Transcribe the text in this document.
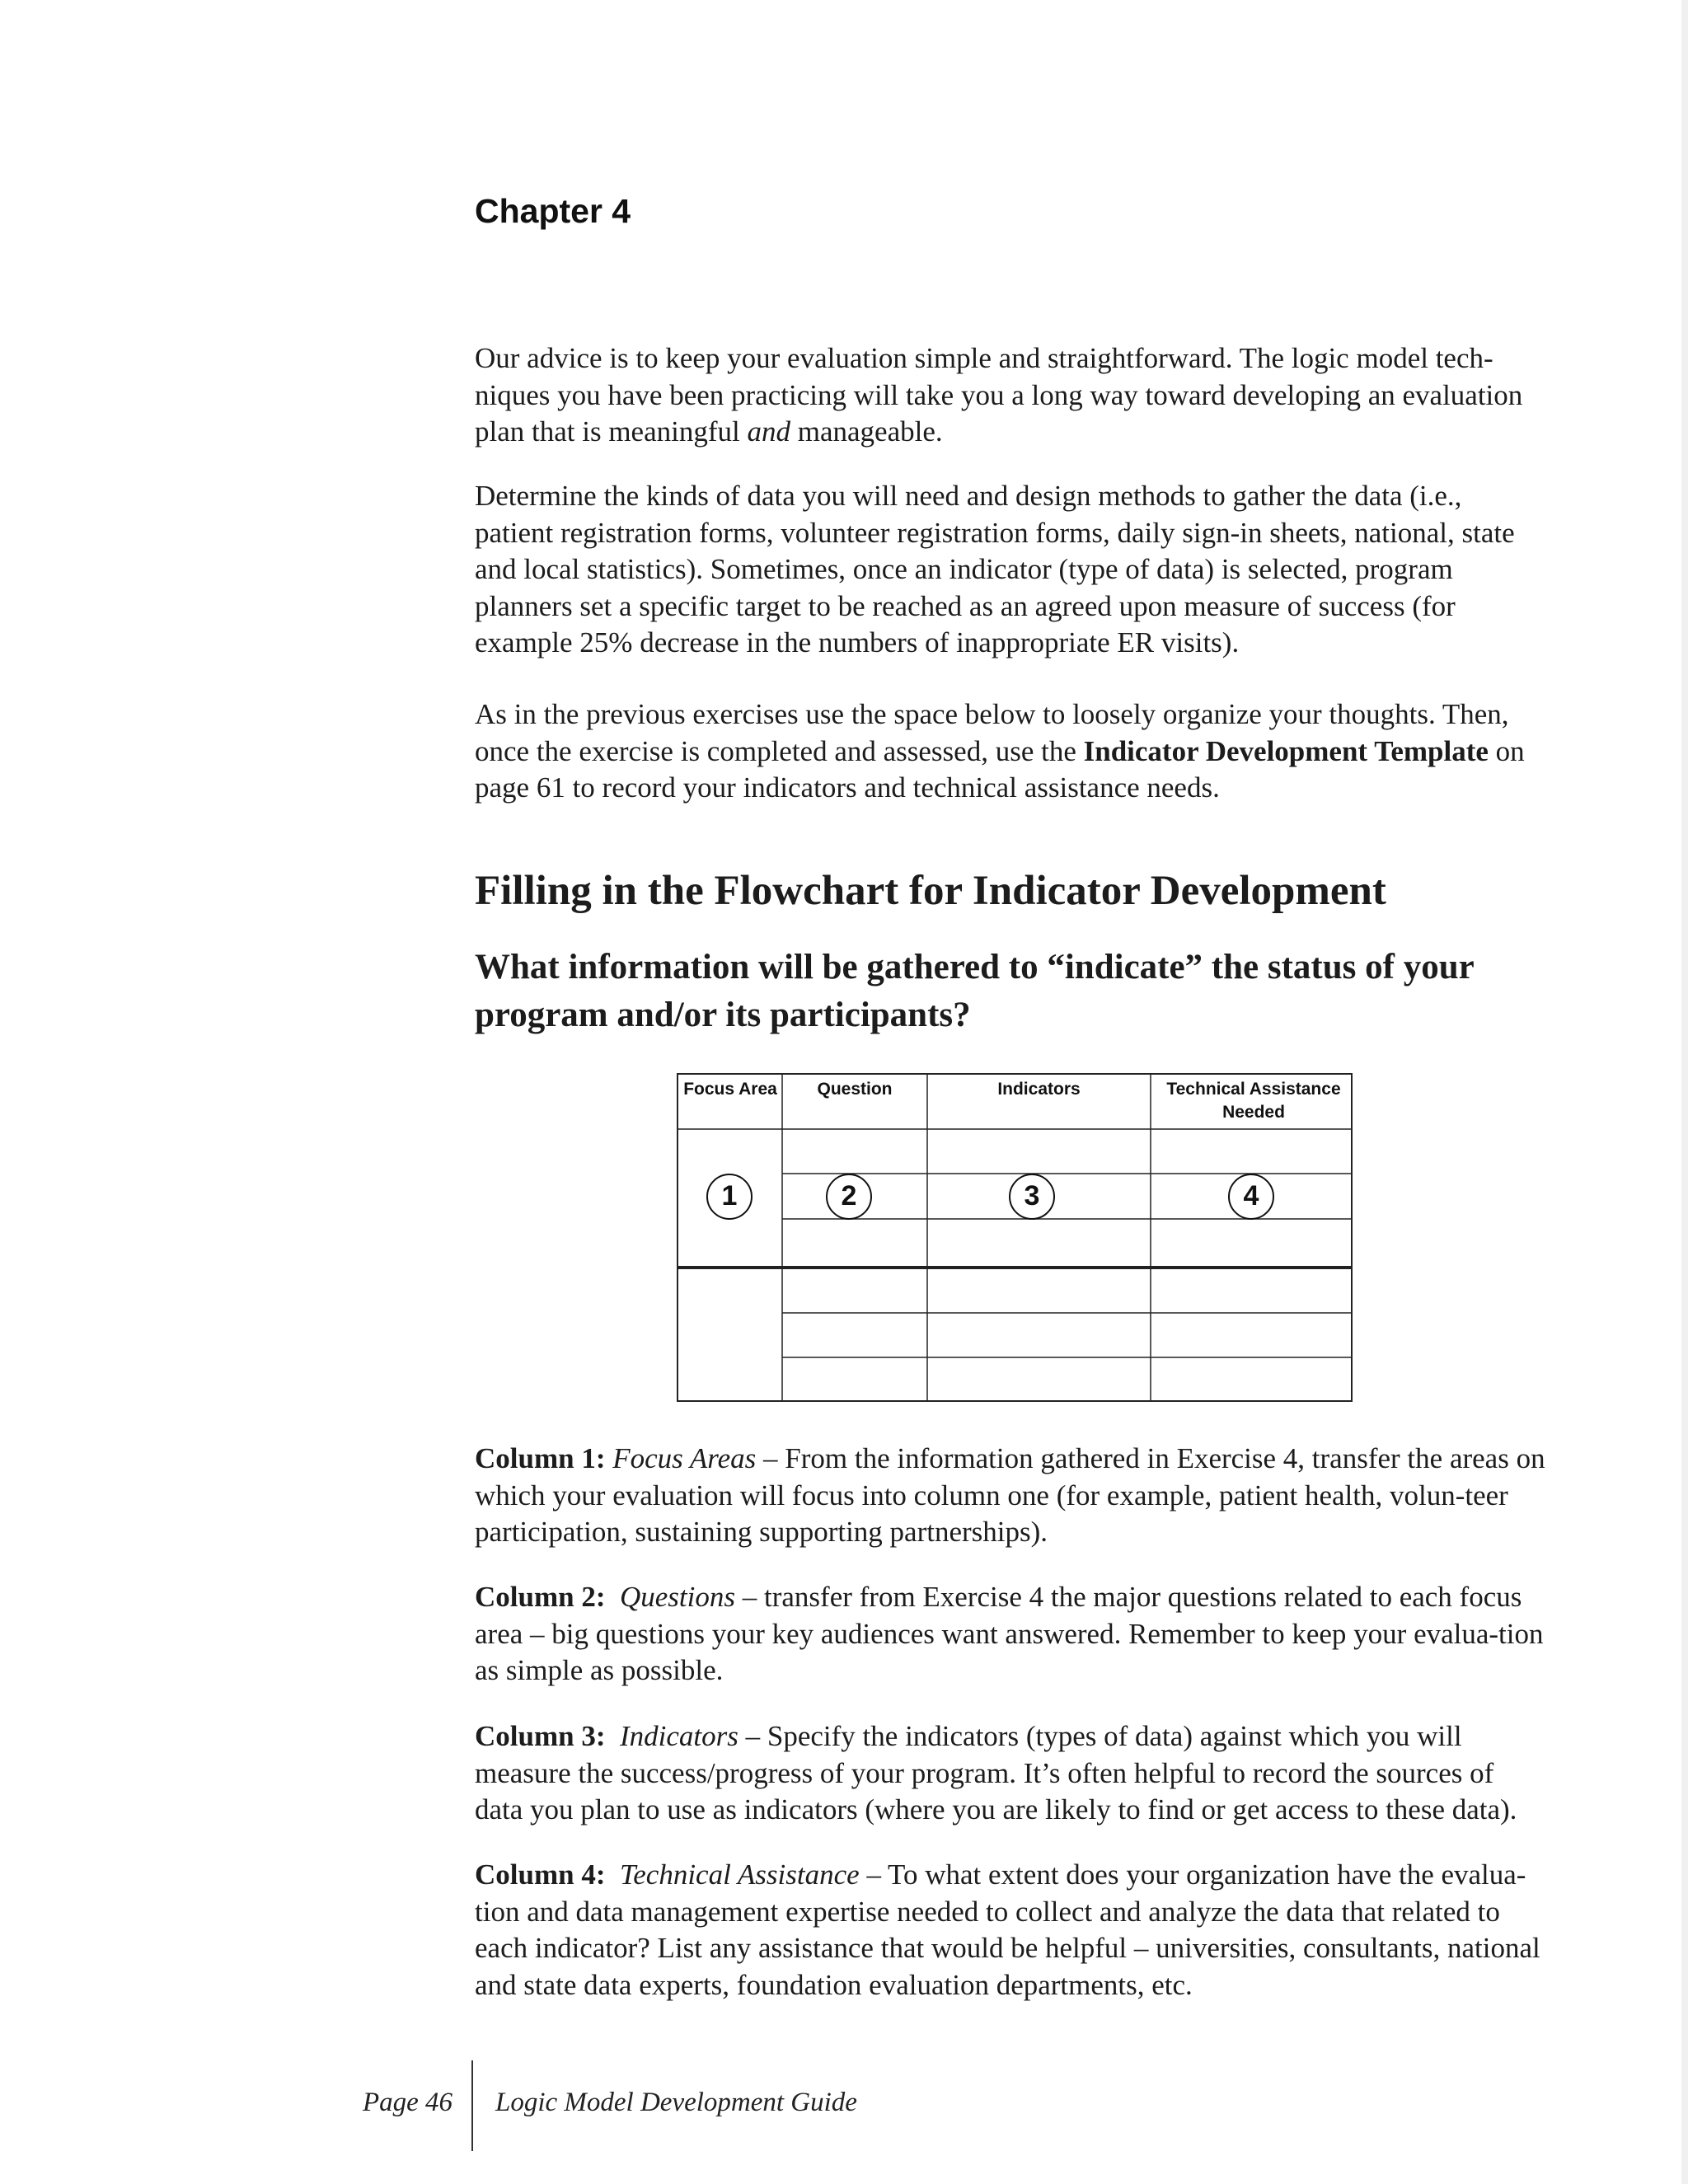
Chapter 4

Our advice is to keep your evaluation simple and straightforward. The logic model tech-niques you have been practicing will take you a long way toward developing an evaluation plan that is meaningful and manageable.

Determine the kinds of data you will need and design methods to gather the data (i.e., patient registration forms, volunteer registration forms, daily sign-in sheets, national, state and local statistics). Sometimes, once an indicator (type of data) is selected, program planners set a specific target to be reached as an agreed upon measure of success (for example 25% decrease in the numbers of inappropriate ER visits).

As in the previous exercises use the space below to loosely organize your thoughts. Then, once the exercise is completed and assessed, use the Indicator Development Template on page 61 to record your indicators and technical assistance needs.

Filling in the Flowchart for Indicator Development
What information will be gathered to “indicate” the status of your program and/or its participants?
Focus Area	Question	Indicators	Technical Assistance Needed
1	2	3	4

Column 1: Focus Areas – From the information gathered in Exercise 4, transfer the areas on which your evaluation will focus into column one (for example, patient health, volun-teer participation, sustaining supporting partnerships).

Column 2: Questions – transfer from Exercise 4 the major questions related to each focus area – big questions your key audiences want answered. Remember to keep your evalua-tion as simple as possible.

Column 3: Indicators – Specify the indicators (types of data) against which you will measure the success/progress of your program. It’s often helpful to record the sources of data you plan to use as indicators (where you are likely to find or get access to these data).

Column 4: Technical Assistance – To what extent does your organization have the evalua-tion and data management expertise needed to collect and analyze the data that related to each indicator? List any assistance that would be helpful – universities, consultants, national and state data experts, foundation evaluation departments, etc.

Page 46 Logic Model Development Guide
